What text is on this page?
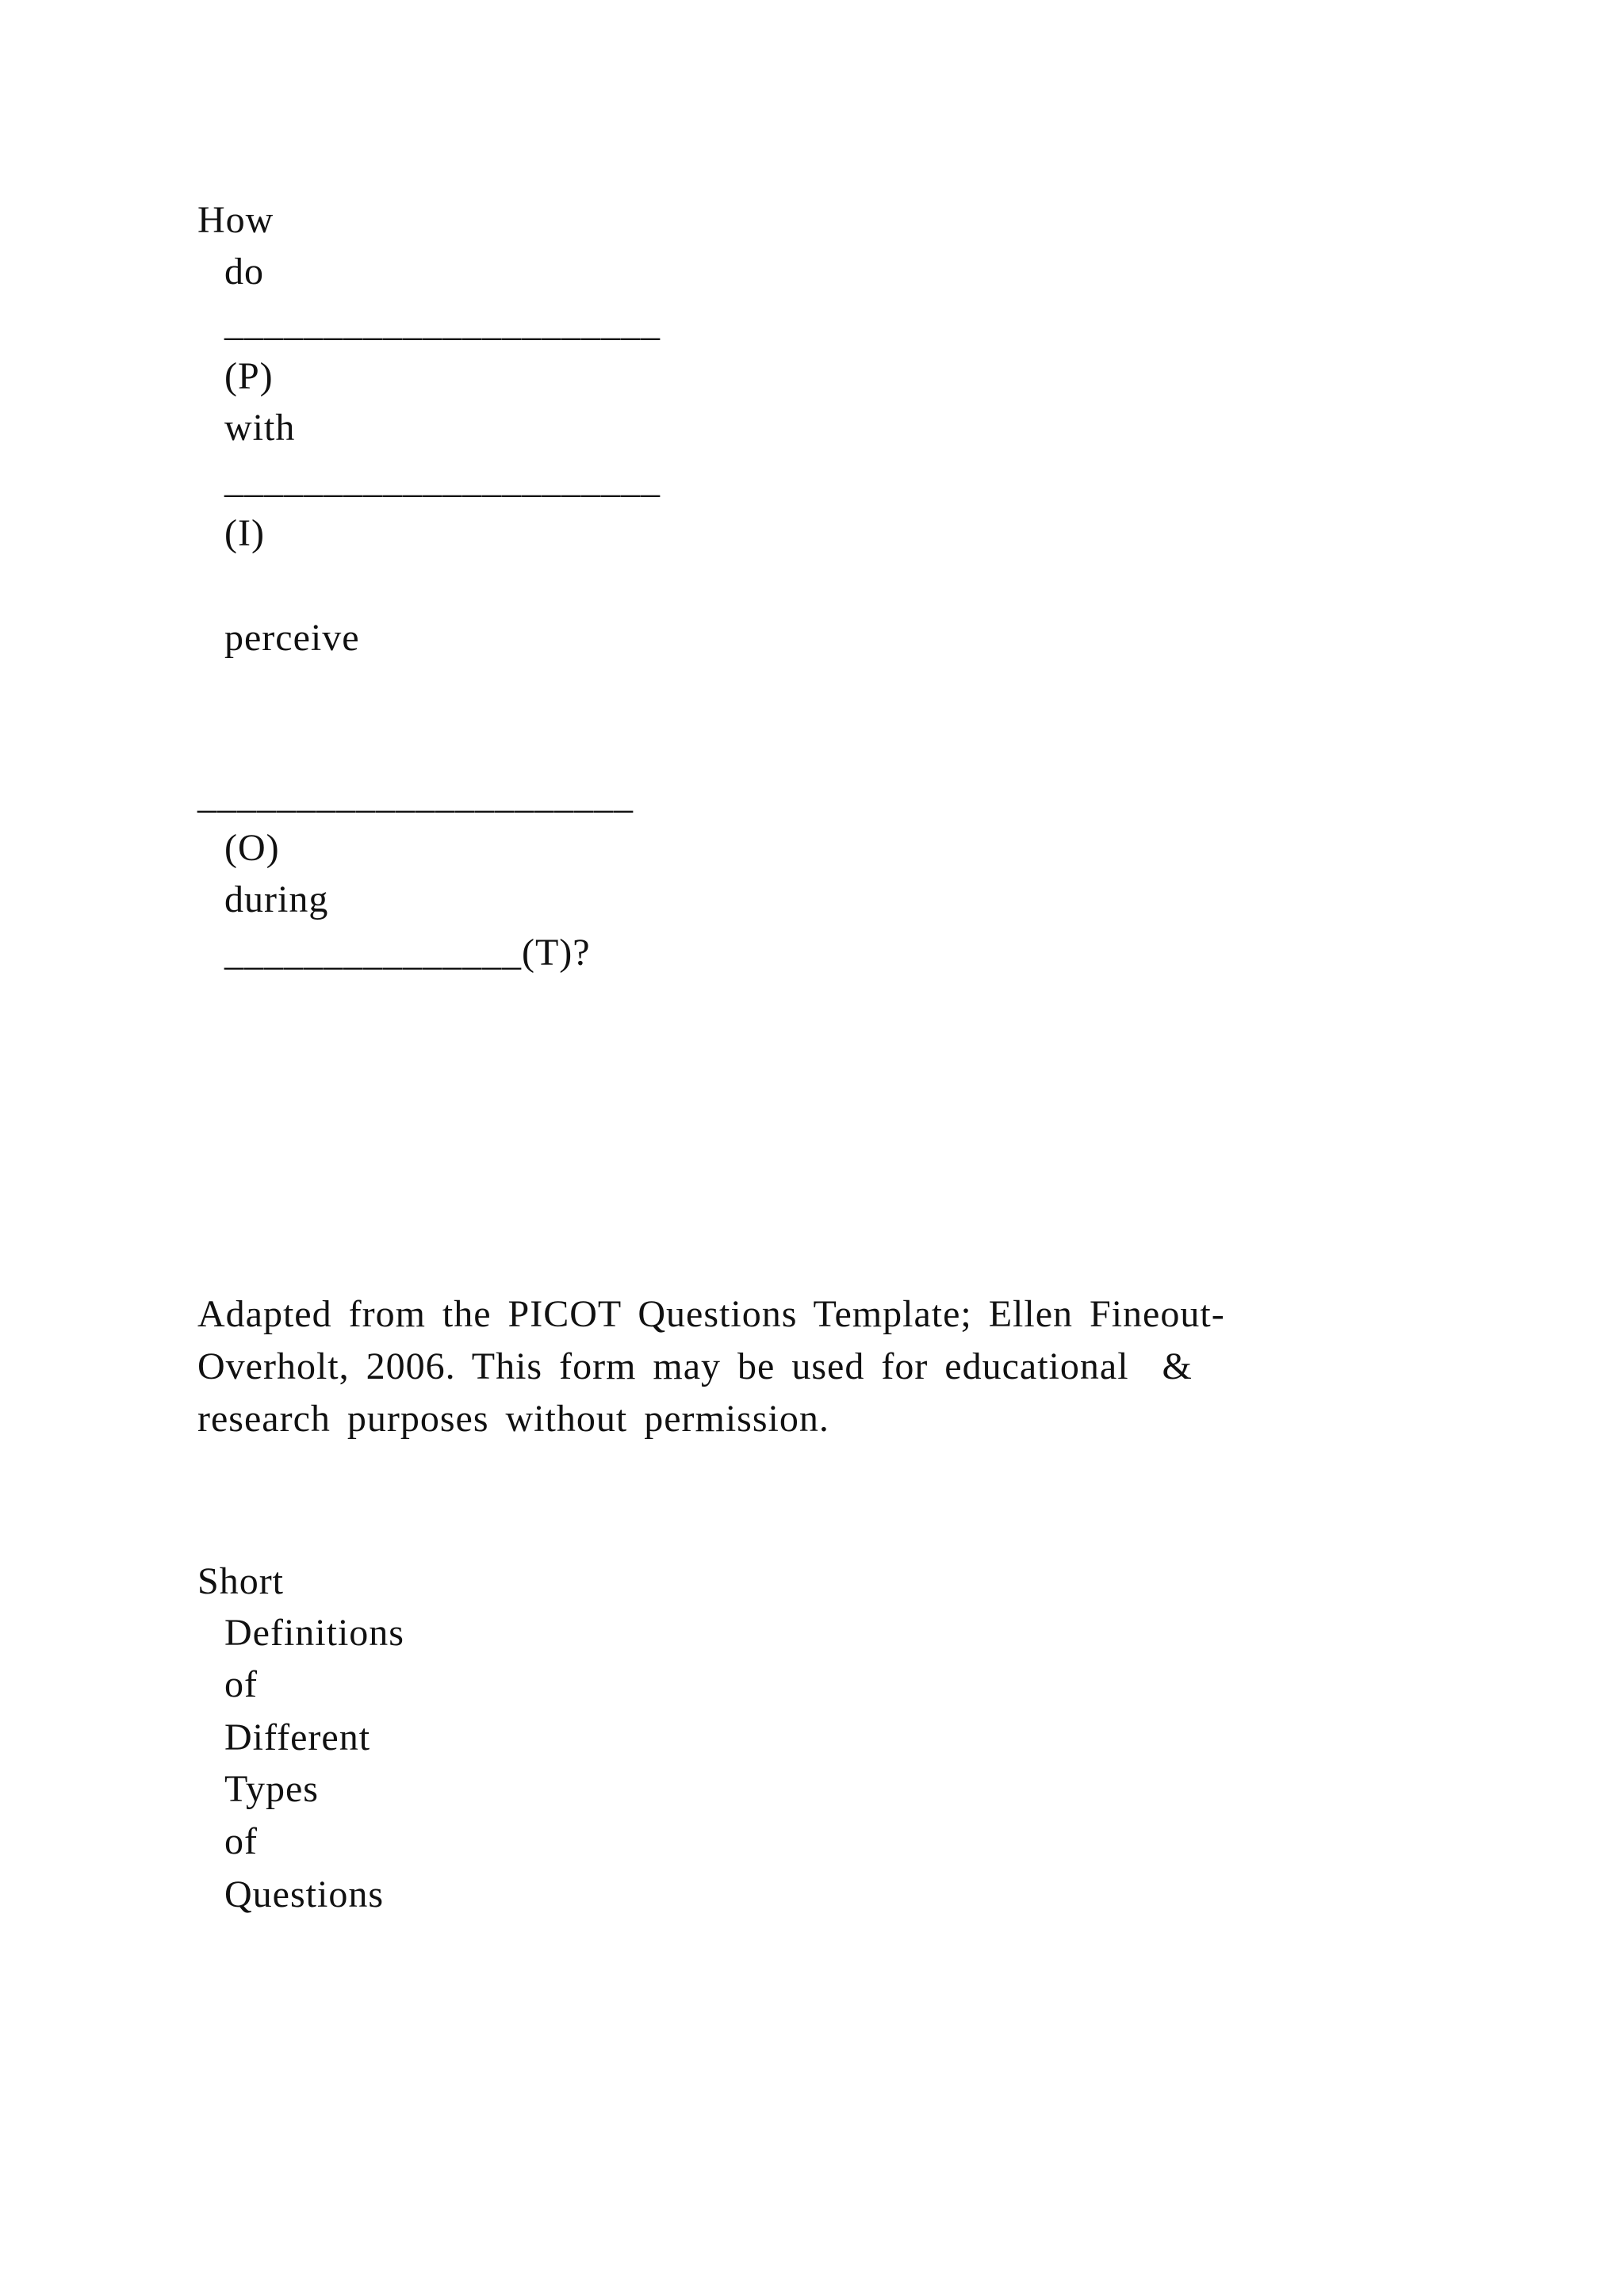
How
do
______________________
(P)
with
______________________
(I)
perceive
______________________
(O)
during
_______________(T)?
Adapted from the PICOT Questions Template; Ellen Fineout-
Overholt, 2006. This form may be used for educational  &
research purposes without permission.
Short
Definitions
of
Different
Types
of
Questions
